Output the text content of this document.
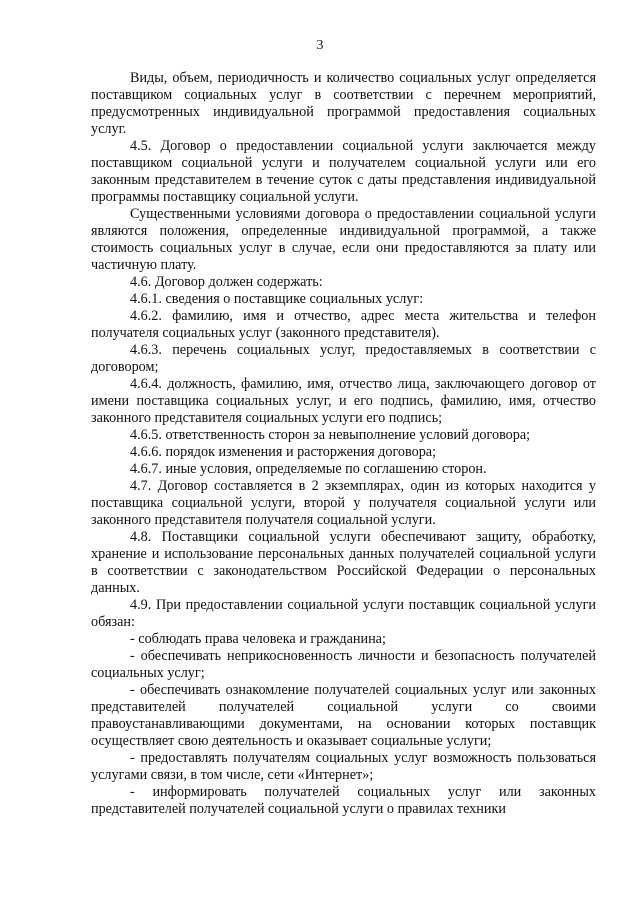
3

Виды, объем, периодичность и количество социальных услуг определяется поставщиком социальных услуг в соответствии с перечнем мероприятий, предусмотренных индивидуальной программой предоставления социальных услуг.

4.5. Договор о предоставлении социальной услуги заключается между поставщиком социальной услуги и получателем социальной услуги или его законным представителем в течение суток с даты представления индивидуальной программы поставщику социальной услуги.

Существенными условиями договора о предоставлении социальной услуги являются положения, определенные индивидуальной программой, а также стоимость социальных услуг в случае, если они предоставляются за плату или частичную плату.

4.6. Договор должен содержать:

4.6.1. сведения о поставщике социальных услуг:

4.6.2. фамилию, имя и отчество, адрес места жительства и телефон получателя социальных услуг (законного представителя).

4.6.3. перечень социальных услуг, предоставляемых в соответствии с договором;

4.6.4. должность, фамилию, имя, отчество лица, заключающего договор от имени поставщика социальных услуг, и его подпись, фамилию, имя, отчество законного представителя социальных услуги его подпись;

4.6.5. ответственность сторон за невыполнение условий договора;

4.6.6. порядок изменения и расторжения договора;

4.6.7. иные условия, определяемые по соглашению сторон.

4.7. Договор составляется в 2 экземплярах, один из которых находится у поставщика социальной услуги, второй у получателя социальной услуги или законного представителя получателя социальной услуги.

4.8. Поставщики социальной услуги обеспечивают защиту, обработку, хранение и использование персональных данных получателей социальной услуги в соответствии с законодательством Российской Федерации о персональных данных.

4.9. При предоставлении социальной услуги поставщик социальной услуги обязан:

- соблюдать права человека и гражданина;

- обеспечивать неприкосновенность личности и безопасность получателей социальных услуг;

- обеспечивать ознакомление получателей социальных услуг или законных представителей получателей социальной услуги со своими правоустанавливающими документами, на основании которых поставщик осуществляет свою деятельность и оказывает социальные услуги;

- предоставлять получателям социальных услуг возможность пользоваться услугами связи, в том числе, сети «Интернет»;

- информировать получателей социальных услуг или законных представителей получателей социальной услуги о правилах техники
